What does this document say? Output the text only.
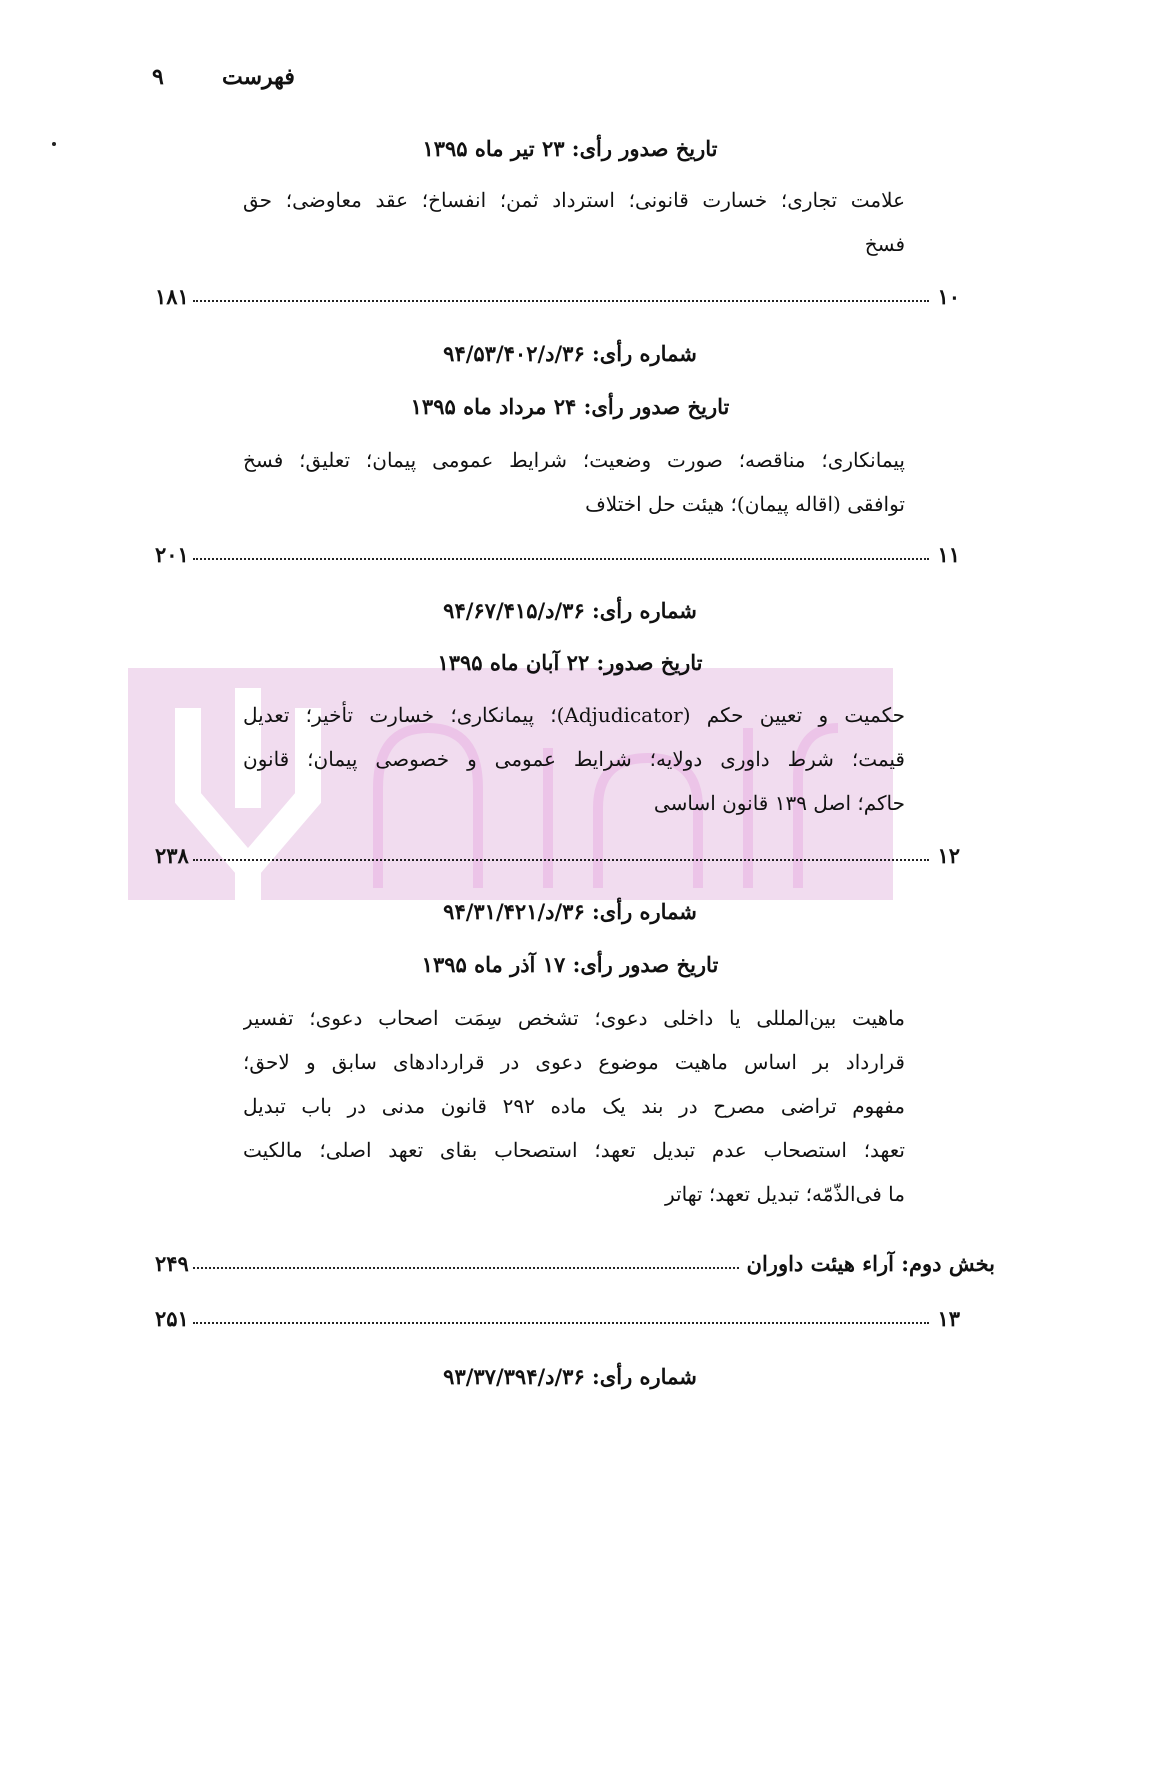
فهرست
۹
تاریخ صدور رأی: ۲۳ تیر ماه ۱۳۹۵
علامت تجاری؛ خسارت قانونی؛ استرداد ثمن؛ انفساخ؛ عقد معاوضی؛ حق
فسخ
۱۰
۱۸۱
شماره رأی: ۳۶/د/۹۴/۵۳/۴۰۲
تاریخ صدور رأی: ۲۴ مرداد ماه ۱۳۹۵
پیمانکاری؛ مناقصه؛ صورت وضعیت؛ شرایط عمومی پیمان؛ تعلیق؛ فسخ
توافقی (اقاله پیمان)؛ هیئت حل اختلاف
۱۱
۲۰۱
شماره رأی: ۳۶/د/۹۴/۶۷/۴۱۵
تاریخ صدور: ۲۲ آبان ماه ۱۳۹۵
حکمیت و تعیین حکم (Adjudicator)؛ پیمانکاری؛ خسارت تأخیر؛ تعدیل
قیمت؛ شرط داوری دولایه؛ شرایط عمومی و خصوصی پیمان؛ قانون
حاکم؛ اصل ۱۳۹ قانون اساسی
۱۲
۲۳۸
شماره رأی: ۳۶/د/۹۴/۳۱/۴۲۱
تاریخ صدور رأی: ۱۷ آذر ماه ۱۳۹۵
ماهیت بین‌المللی یا داخلی دعوی؛ تشخص سِمَت اصحاب دعوی؛ تفسیر
قرارداد بر اساس ماهیت موضوع دعوی در قراردادهای سابق و لاحق؛
مفهوم تراضی مصرح در بند یک ماده ۲۹۲ قانون مدنی در باب تبدیل
تعهد؛ استصحاب عدم تبدیل تعهد؛ استصحاب بقای تعهد اصلی؛ مالکیت
ما فی‌الذّمّه؛ تبدیل تعهد؛ تهاتر
بخش دوم: آراء هیئت داوران
۲۴۹
۱۳
۲۵۱
شماره رأی: ۳۶/د/۹۳/۳۷/۳۹۴
